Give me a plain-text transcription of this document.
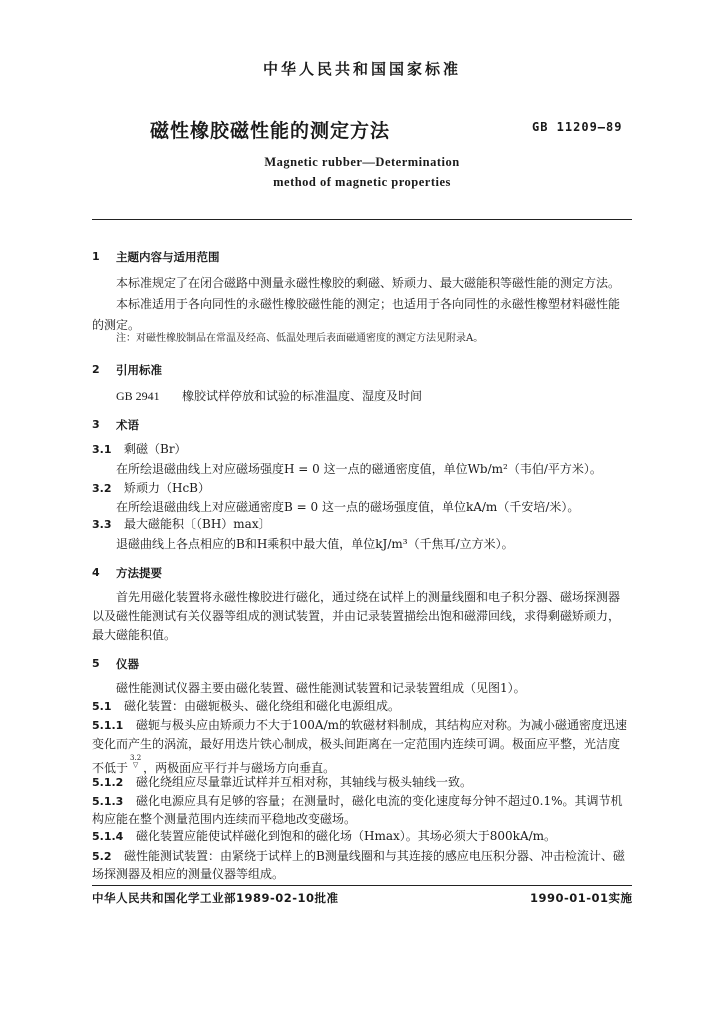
中华人民共和国国家标准
磁性橡胶磁性能的测定方法	GB 11209—89
Magnetic rubber—Determination
method of magnetic properties
1 主题内容与适用范围
本标准规定了在闭合磁路中测量永磁性橡胶的剩磁、矫顽力、最大磁能积等磁性能的测定方法。
本标准适用于各向同性的永磁性橡胶磁性能的测定；也适用于各向同性的永磁性橡塑材料磁性能
的测定。
注：对磁性橡胶制品在常温及经高、低温处理后表面磁通密度的测定方法见附录A。
2 引用标准
GB 2941 橡胶试样停放和试验的标准温度、湿度及时间
3 术语
3.1 剩磁（Br）
在所绘退磁曲线上对应磁场强度H = 0 这一点的磁通密度值，单位Wb/m²（韦伯/平方米）。
3.2 矫顽力（HcB）
在所绘退磁曲线上对应磁通密度B = 0 这一点的磁场强度值，单位kA/m（千安培/米）。
3.3 最大磁能积〔（BH）max〕
退磁曲线上各点相应的B和H乘积中最大值，单位kJ/m³（千焦耳/立方米）。
4 方法提要
首先用磁化装置将永磁性橡胶进行磁化，通过绕在试样上的测量线圈和电子积分器、磁场探测器
以及磁性能测试有关仪器等组成的测试装置，并由记录装置描绘出饱和磁滞回线，求得剩磁矫顽力，
最大磁能积值。
5 仪器
磁性能测试仪器主要由磁化装置、磁性能测试装置和记录装置组成（见图1）。
5.1 磁化装置：由磁轭极头、磁化绕组和磁化电源组成。
5.1.1 磁轭与极头应由矫顽力不大于100A/m的软磁材料制成，其结构应对称。为减小磁通密度迅速
变化而产生的涡流，最好用迭片铁心制成，极头间距离在一定范围内连续可调。极面应平整，光洁度
不低于
3.2
▽ ，两极面应平行并与磁场方向垂直。
5.1.2 磁化绕组应尽量靠近试样并互相对称，其轴线与极头轴线一致。
5.1.3 磁化电源应具有足够的容量；在测量时，磁化电流的变化速度每分钟不超过0.1%。其调节机
构应能在整个测量范围内连续而平稳地改变磁场。
5.1.4 磁化装置应能使试样磁化到饱和的磁化场（Hmax）。其场必须大于800kA/m。
5.2 磁性能测试装置：由紧绕于试样上的B测量线圈和与其连接的感应电压积分器、冲击检流计、磁
场探测器及相应的测量仪器等组成。
中华人民共和国化学工业部1989-02-10批准	1990-01-01实施
